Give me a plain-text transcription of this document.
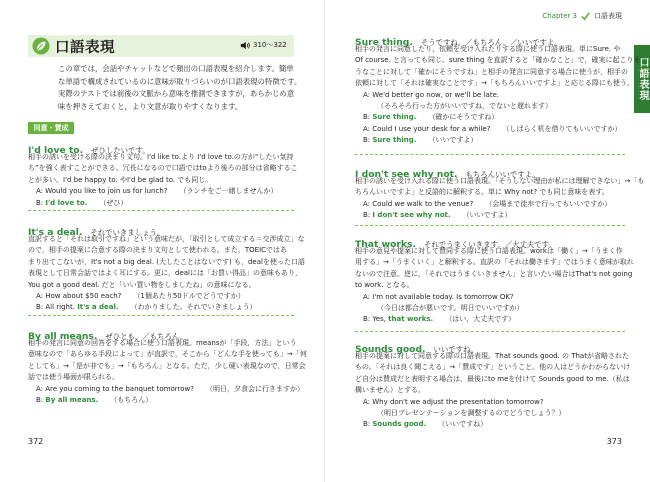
口語表現	310～322
この章では，会話やチャットなどで頻出の口語表現を紹介します。簡単
な単語で構成されているのに意味が取りづらいのが口語表現の特徴です。
実際のテストでは前後の文脈から意味を推測できますが，あらかじめ意
味を押さえておくと，より文意が取りやすくなります。
同意・賛成
I'd love to. ぜひしたいです。
相手の誘いを受ける際の決まり文句。I'd like to.より I'd love to.の方が“したい気持
ち”を強く表すことができる。冗長になるので口語ではtoより後ろの部分は省略するこ
とが多い。I'd be happy to. やI'd be glad to. でも同じ。
A: Would you like to join us for lunch? （ランチをご一緒しませんか）
B: I'd love to. （ぜひ）
It's a deal. それでいきましょう。
直訳すると「それは取引ですね」という意味だが，「取引として成立する＝交渉成立」な
ので，相手の提案に合意する際の決まり文句として使われる。また，TOEICではあ
まり出てこないが，It's not a big deal. (大したことはないです) も，dealを使った口語
表現として日常会話ではよく耳にする。更に，dealには「お買い得品」の意味もあり，
You got a good deal. だと「いい買い物をしましたね」の意味になる。
A: How about $50 each? （1個あたり50ドルでどうですか）
B: All right. It's a deal. （わかりました。それでいきましょう）
By all means. ぜひとも。／もちろん。
相手の発言に同意の回答をする場合に使う口語表現。meansが「手段，方法」という
意味なので「あらゆる手段によって」が直訳で，そこから「どんな手を使っても」→「何
としても」→「是が非でも」→「もちろん」となる。ただ，少し硬い表現なので，日常会
話では使う場面が限られる。
A: Are you coming to the banquet tomorrow? （明日，夕食会に行きますか）
B: By all means. （もちろん）
372
Chapter 3 口語表現
口語表現
Sure thing. そうですね。／もちろん。／いいですよ。
相手の発言に同意したり，依頼を受け入れたりする際に使う口語表現。単にSure. や
Of course. と言っても同じ。sure thing を直訳すると「確かなこと」で，確実に起こりそ
うなことに対して「確かにそうですね」と相手の発言に同意する場合に使うが，相手の
依頼に対して「それは確実なことです」→「もちろんいいですよ」と応じる際にも使う。
A: We'd better go now, or we'll be late.
（そろそろ行った方がいいですね，でないと遅れます）
B: Sure thing. （確かにそうですね）
A: Could I use your desk for a while? （しばらく机を借りてもいいですか）
B: Sure thing. （いいですよ）
I don't see why not. もちろんいいですよ。
相手の誘いを受け入れる際に使う口語表現。「そうしない理由が私には理解できない」→「も
ちろんいいですよ」と反語的に解釈する。単に Why not? でも同じ意味を表す。
A: Could we walk to the venue? （会場まで徒歩で行ってもいいですか）
B: I don't see why not. （いいですよ）
That works. それでうまくいきます。／大丈夫です。
相手の意見や提案に対して賛同する際に使う口語表現。workは「働く」→「うまく作
用する」→「うまくいく」と解釈する。直訳の「それは働きます」ではうまく意味が取れ
ないので注意。逆に，「それではうまくいきません」と言いたい場合はThat's not going
to work. となる。
A: I'm not available today. Is tomorrow OK?
（今日は都合が悪いです。明日でいいですか）
B: Yes, that works. （はい，大丈夫です）
Sounds good. いいですね。
相手の提案に対して同意する際の口語表現。That sounds good. の Thatが省略された
もの。「それは良く聞こえる」→「賛成です」ということ。他の人はどうかわからないけ
ど自分は賛成だと表明する場合は，最後にto meを付けて Sounds good to me.（私は
構いません）とする。
A: Why don't we adjust the presentation tomorrow?
（明日プレゼンテーションを調整するのでどうでしょう？）
B: Sounds good. （いいですね）
373
